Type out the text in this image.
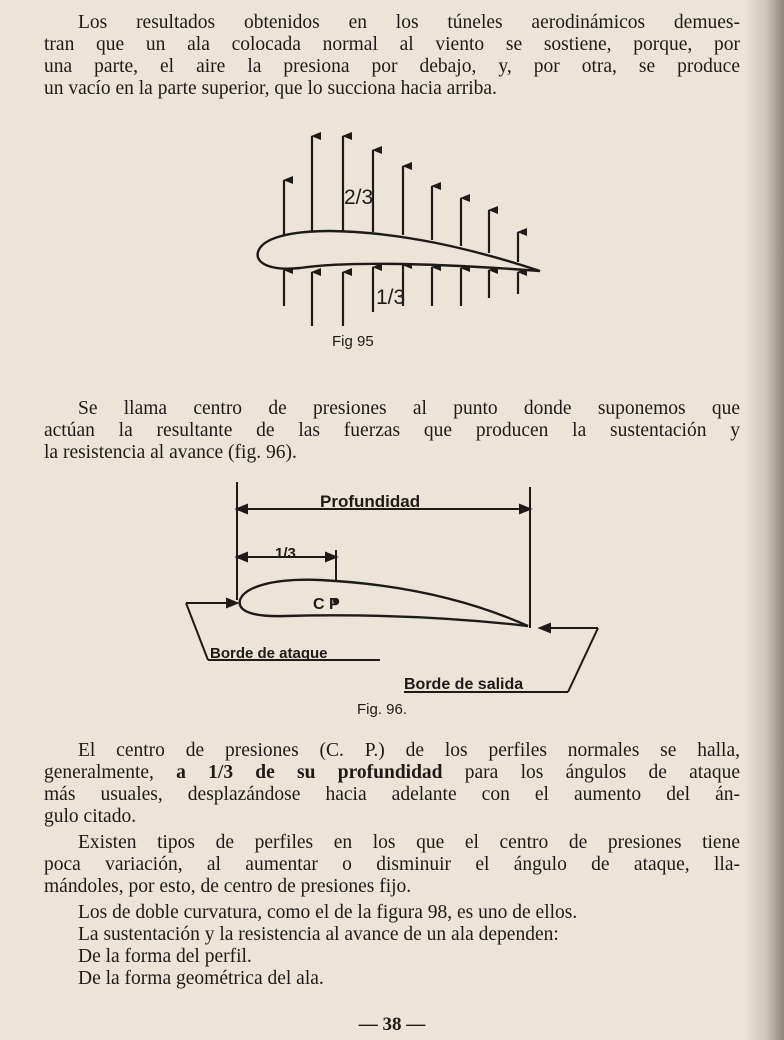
Los resultados obtenidos en los túneles aerodinámicos demues-
tran que un ala colocada normal al viento se sostiene, porque, por
una parte, el aire la presiona por debajo, y, por otra, se produce
un vacío en la parte superior, que lo succiona hacia arriba.
2/3
1/3
Fig 95
Se llama centro de presiones al punto donde suponemos que
actúan la resultante de las fuerzas que producen la sustentación y
la resistencia al avance (fig. 96).
Profundidad
1/3
C P
Borde de ataque
Borde de salida
Fig. 96.
El centro de presiones (C. P.) de los perfiles normales se halla,
generalmente, a 1/3 de su profundidad para los ángulos de ataque
más usuales, desplazándose hacia adelante con el aumento del án-
gulo citado.
Existen tipos de perfiles en los que el centro de presiones tiene
poca variación, al aumentar o disminuir el ángulo de ataque, lla-
mándoles, por esto, de centro de presiones fijo.
Los de doble curvatura, como el de la figura 98, es uno de ellos.
La sustentación y la resistencia al avance de un ala dependen:
De la forma del perfil.
De la forma geométrica del ala.
— 38 —
